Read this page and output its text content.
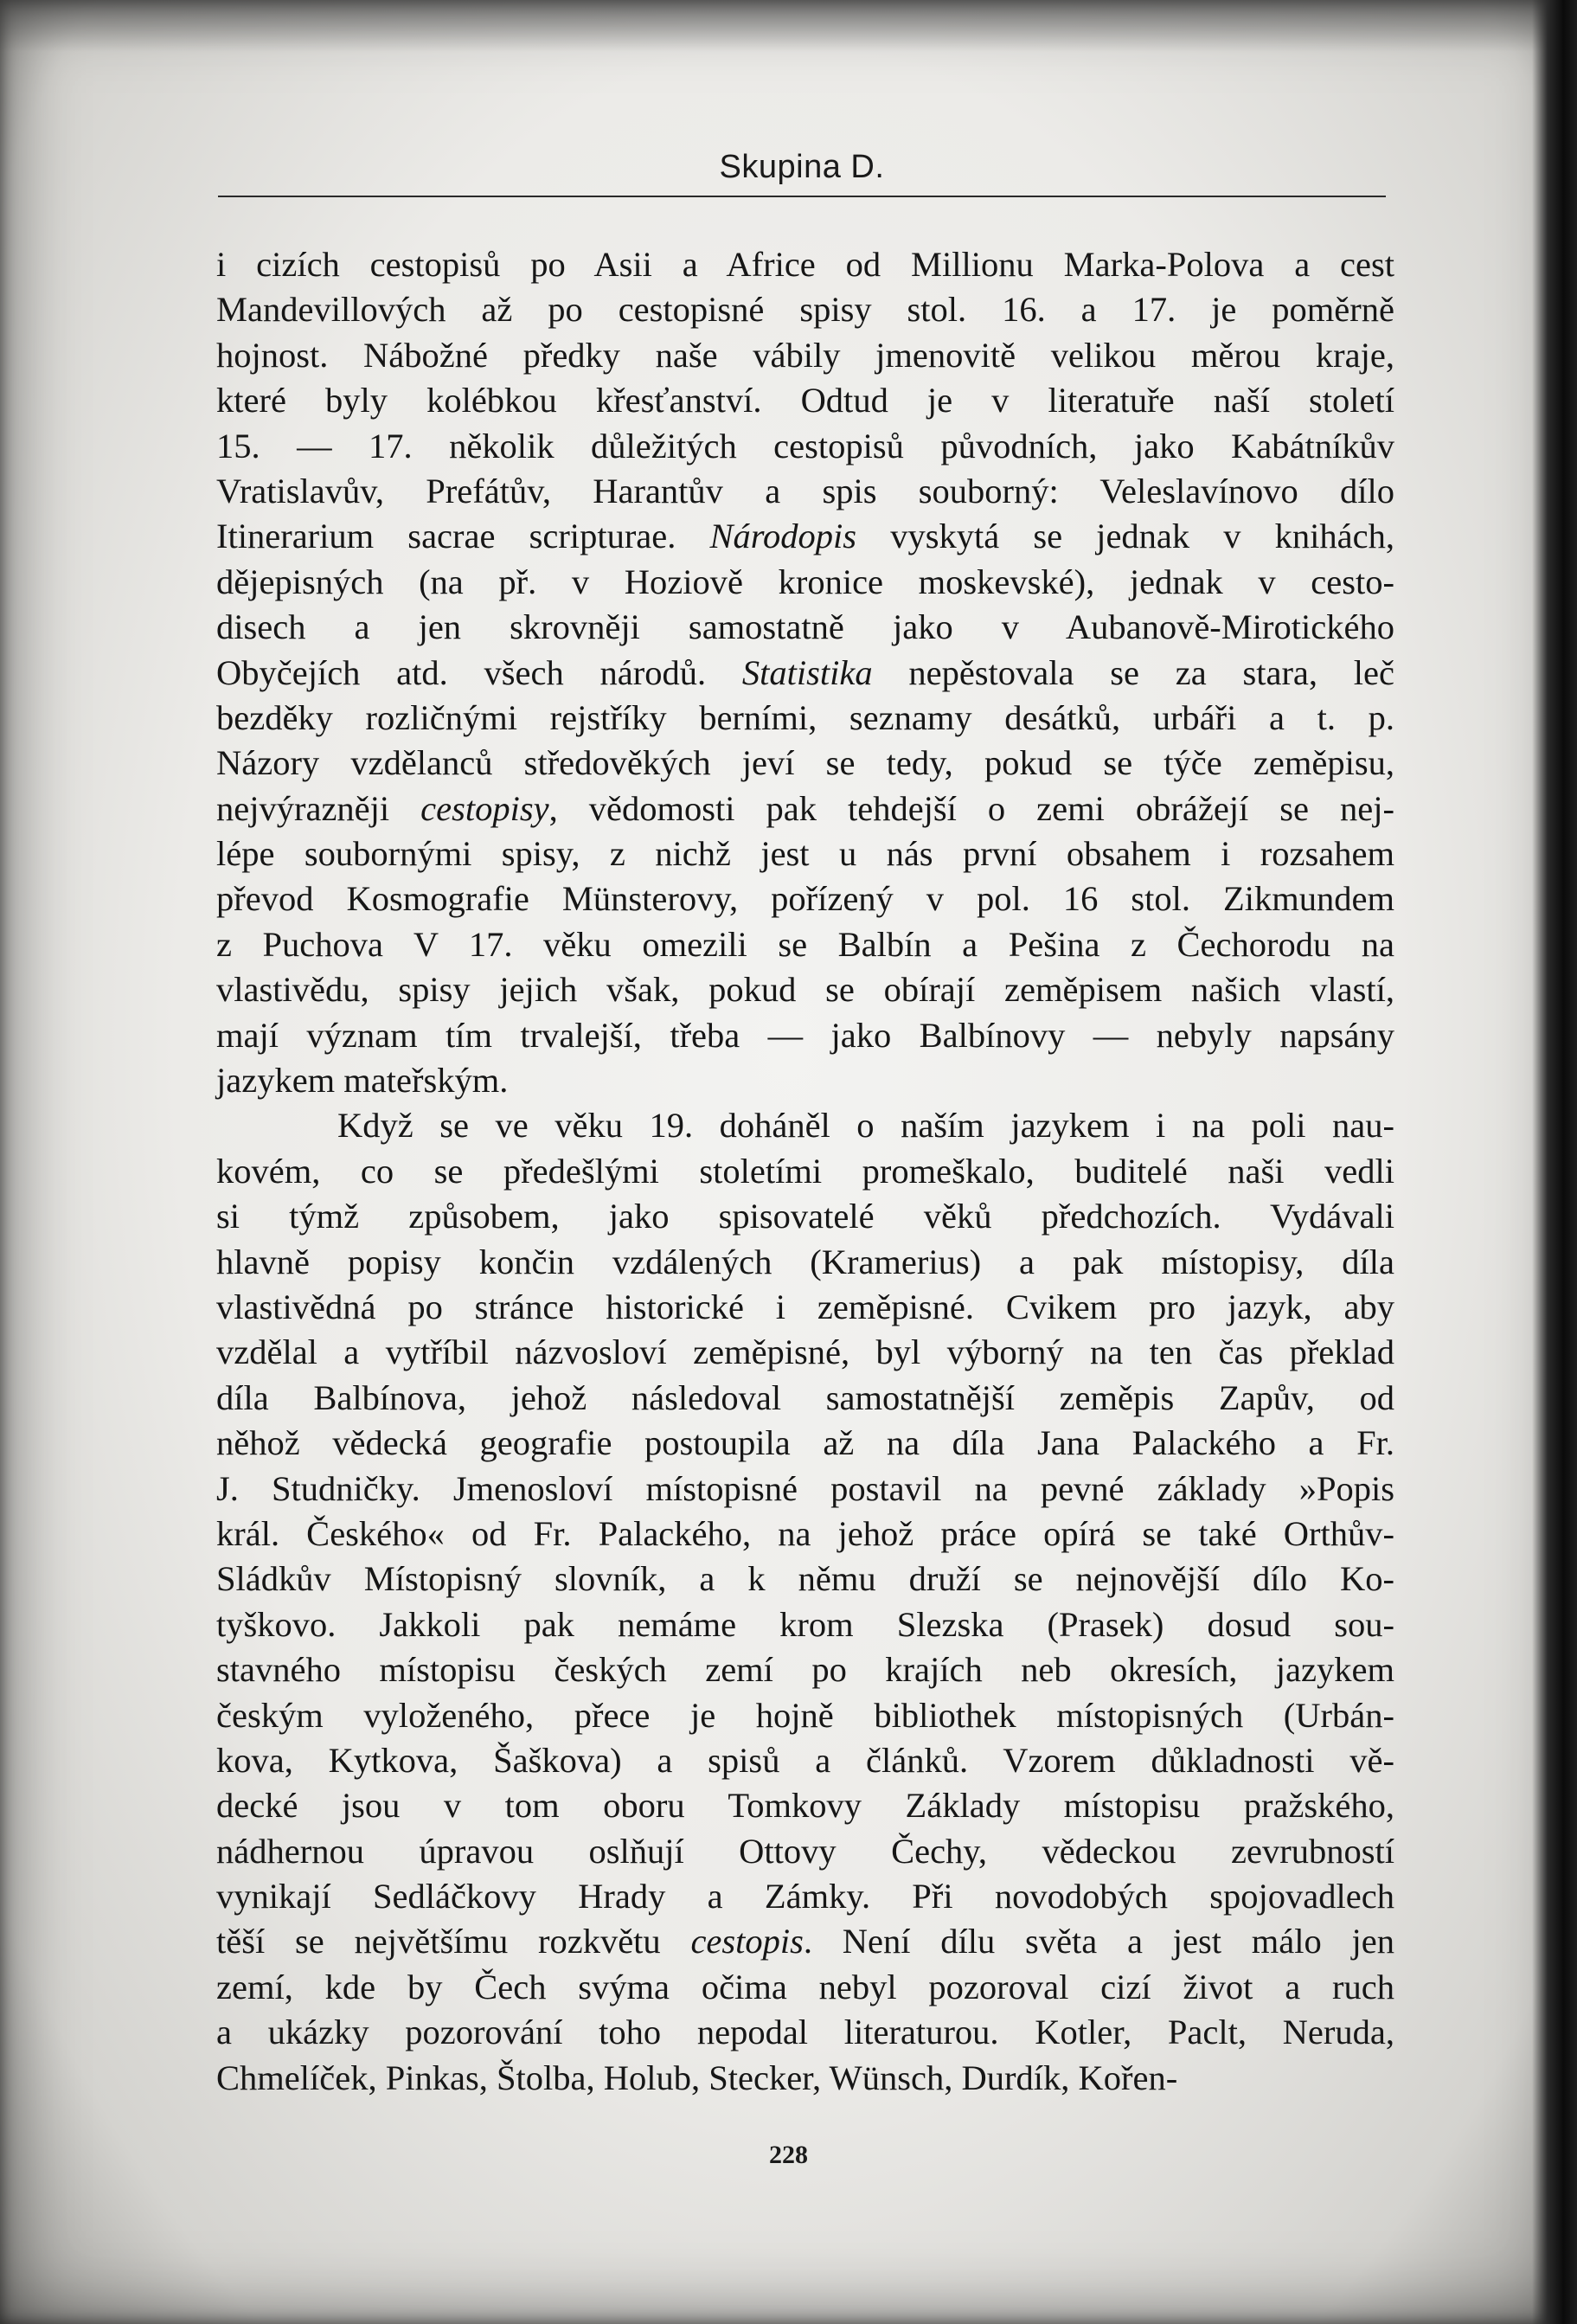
Skupina D.
i cizích cestopisů po Asii a Africe od Millionu Marka-Polova a cest
Mandevillových až po cestopisné spisy stol. 16. a 17. je poměrně
hojnost. Nábožné předky naše vábily jmenovitě velikou měrou kraje,
které byly kolébkou křesťanství. Odtud je v literatuře naší století
15. — 17. několik důležitých cestopisů původních, jako Kabátníkův
Vratislavův, Prefátův, Harantův a spis souborný: Veleslavínovo dílo
Itinerarium sacrae scripturae. Národopis vyskytá se jednak v knihách,
dějepisných (na př. v Hoziově kronice moskevské), jednak v cesto-
disech a jen skrovněji samostatně jako v Aubanově-Mirotického
Obyčejích atd. všech národů. Statistika nepěstovala se za stara, leč
bezděky rozličnými rejstříky berními, seznamy desátků, urbáři a t. p.
Názory vzdělanců středověkých jeví se tedy, pokud se týče zeměpisu,
nejvýrazněji cestopisy, vědomosti pak tehdejší o zemi obrážejí se nej-
lépe soubornými spisy, z nichž jest u nás první obsahem i rozsahem
převod Kosmografie Münsterovy, pořízený v pol. 16 stol. Zikmundem
z Puchova V 17. věku omezili se Balbín a Pešina z Čechorodu na
vlastivědu, spisy jejich však, pokud se obírají zeměpisem našich vlastí,
mají význam tím trvalejší, třeba — jako Balbínovy — nebyly napsány
jazykem mateřským.
Když se ve věku 19. doháněl o naším jazykem i na poli nau-
kovém, co se předešlými stoletími promeškalo, buditelé naši vedli
si týmž způsobem, jako spisovatelé věků předchozích. Vydávali
hlavně popisy končin vzdálených (Kramerius) a pak místopisy, díla
vlastivědná po stránce historické i zeměpisné. Cvikem pro jazyk, aby
vzdělal a vytříbil názvosloví zeměpisné, byl výborný na ten čas překlad
díla Balbínova, jehož následoval samostatnější zeměpis Zapův, od
něhož vědecká geografie postoupila až na díla Jana Palackého a Fr.
J. Studničky. Jmenosloví místopisné postavil na pevné základy »Popis
král. Českého« od Fr. Palackého, na jehož práce opírá se také Orthův-
Sládkův Místopisný slovník, a k němu druží se nejnovější dílo Ko-
tyškovo. Jakkoli pak nemáme krom Slezska (Prasek) dosud sou-
stavného místopisu českých zemí po krajích neb okresích, jazykem
českým vyloženého, přece je hojně bibliothek místopisných (Urbán-
kova, Kytkova, Šaškova) a spisů a článků. Vzorem důkladnosti vě-
decké jsou v tom oboru Tomkovy Základy místopisu pražského,
nádhernou úpravou oslňují Ottovy Čechy, vědeckou zevrubností
vynikají Sedláčkovy Hrady a Zámky. Při novodobých spojovadlech
těší se největšímu rozkvětu cestopis. Není dílu světa a jest málo jen
zemí, kde by Čech svýma očima nebyl pozoroval cizí život a ruch
a ukázky pozorování toho nepodal literaturou. Kotler, Paclt, Neruda,
Chmelíček, Pinkas, Štolba, Holub, Stecker, Wünsch, Durdík, Kořen-
228
